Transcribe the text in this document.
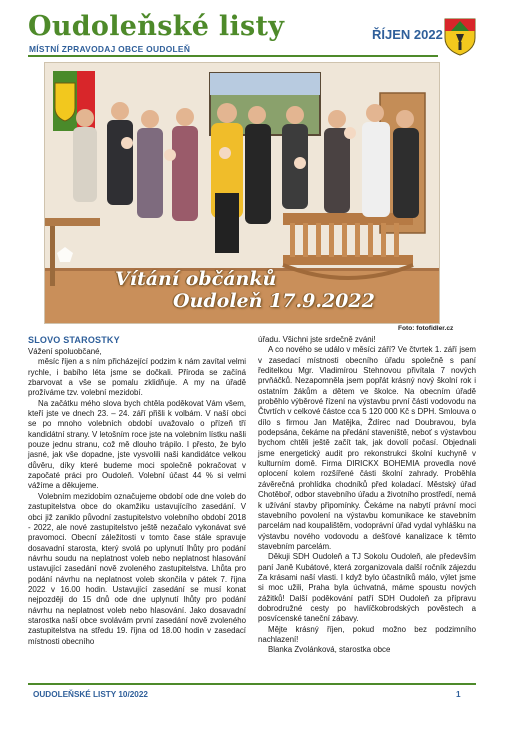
Oudoleňské listy
MÍSTNÍ ZPRAVODAJ OBCE OUDOLEŇ
ŘÍJEN 2022
Vítání občánků
Oudoleň 17.9.2022
Foto: fotofidler.cz
SLOVO STAROSTKY

Vážení spoluobčané,

měsíc říjen a s ním přicházející podzim k nám zavítal velmi rychle, i babího léta jsme se dočkali. Příroda se začíná zbarvovat a vše se pomalu zklidňuje. A my na úřadě prožíváme tzv. volební mezidobí.

Na začátku mého slova bych chtěla poděkovat Vám všem, kteří jste ve dnech 23. – 24. září přišli k volbám. V naší obci se po mnoho volebních období uvažovalo o přízeň tří kandidátní strany. V letošním roce jste na volebním lístku našli pouze jednu stranu, což mě dlouho trápilo. I přesto, že bylo jasné, jak vše dopadne, jste vysvolili naši kandidátce velkou důvěru, díky které budeme moci společně pokračovat v započaté práci pro Oudoleň. Volební účast 44 % si velmi vážíme a děkujeme.

Volebním mezidobím označujeme období ode dne voleb do zastupitelstva obce do okamžiku ustavujícího zasedání. V obci již zaniklo původní zastupitelstvo volebního období 2018 - 2022, ale nové zastupitelstvo ještě nezačalo vykonávat své pravomoci. Obecní záležitosti v tomto čase stále spravuje dosavadní starosta, který svolá po uplynutí lhůty pro podání návrhu soudu na neplatnost voleb nebo neplatnost hlasování ustavující zasedání nově zvoleného zastupitelstva. Lhůta pro podání návrhu na neplatnost voleb skončila v pátek 7. října 2022 v 16.00 hodin. Ustavující zasedání se musí konat nejpozději do 15 dnů ode dne uplynutí lhůty pro podání návrhu na neplatnost voleb nebo hlasování. Jako dosavadní starostka naší obce svolávám první zasedání nově zvoleného zastupitelstva na středu 19. října od 18.00 hodin v zasedací místnosti obecního

úřadu. Všichni jste srdečně zváni!

A co nového se událo v měsíci září? Ve čtvrtek 1. září jsem v zasedací místnosti obecního úřadu společně s paní ředitelkou Mgr. Vladimírou Stehnovou přivítala 7 nových prvňáčků. Nezapomněla jsem popřát krásný nový školní rok i ostatním žákům a dětem ve školce. Na obecním úřadě proběhlo výběrové řízení na výstavbu první části vodovodu na Čtvrtích v celkové částce cca 5 120 000 Kč s DPH. Smlouva o dílo s firmou Jan Matějka, Ždírec nad Doubravou, byla podepsána, čekáme na předání staveniště, neboť s výstavbou bychom chtěli ještě začít tak, jak dovolí počasí. Objednali jsme energetický audit pro rekonstrukci školní kuchyně v kulturním domě. Firma DIRICKX BOHEMIA provedla nové oplocení kolem rozšířené části školní zahrady. Proběhla závěrečná prohlídka chodníků před koladací. Městský úřad Chotěboř, odbor stavebního úřadu a životního prostředí, nemá k užívání stavby připomínky. Čekáme na nabytí právní moci stavebního povolení na výstavbu komunikace ke stavebním parcelám nad koupalištěm, vodoprávní úřad vydal vyhlášku na výstavbu nového vodovodu a dešťové kanalizace k těmto stavebním parcelám.

Děkuji SDH Oudoleň a TJ Sokolu Oudoleň, ale především paní Janě Kubátové, která zorganizovala další ročník zájezdu Za krásami naší vlasti. I když bylo účastníků málo, výlet jsme si moc užili, Praha byla úchvatná, máme spoustu nových zážitků! Další poděkování patří SDH Oudoleň za přípravu dobrodružné cesty po havlíčkobrodských pověstech a posvícenské taneční zábavy.

Mějte krásný říjen, pokud možno bez podzimního nachlazení!

Blanka Zvolánková, starostka obce

OUDOLEŇSKÉ LISTY 10/2022	1
